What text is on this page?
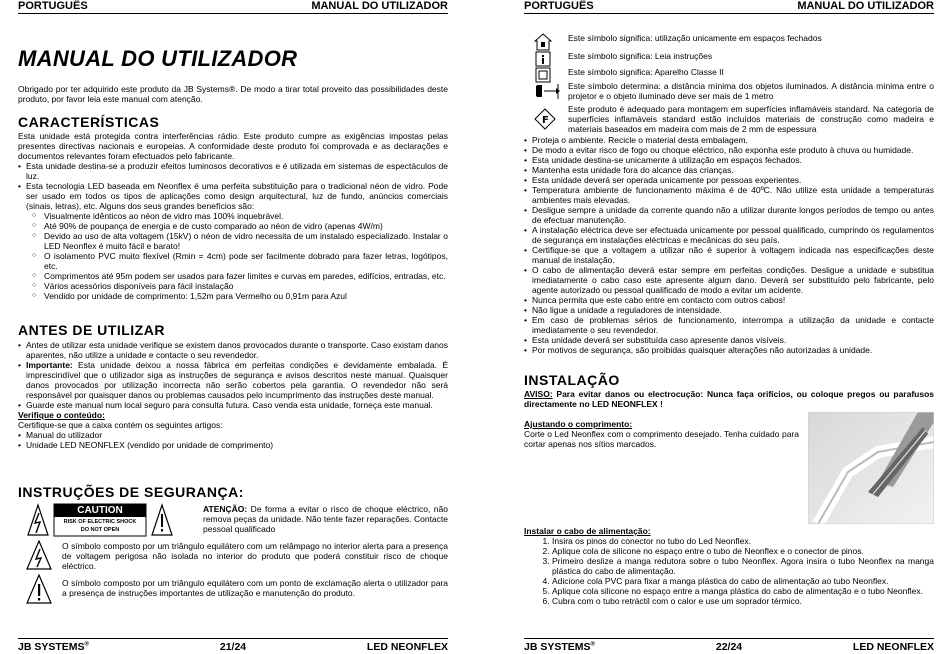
PORTUGUÊS	MANUAL DO UTILIZADOR
MANUAL DO UTILIZADOR
Obrigado por ter adquirido este produto da JB Systems®. De modo a tirar total proveito das possibilidades deste produto, por favor leia este manual com atenção.
CARACTERÍSTICAS
Esta unidade está protegida contra interferências rádio. Este produto cumpre as exigências impostas pelas presentes directivas nacionais e europeias. A conformidade deste produto foi comprovada e as declarações e documentos relevantes foram efectuados pelo fabricante.
• Esta unidade destina-se a produzir efeitos luminosos decorativos e é utilizada em sistemas de espectáculos de luz.
• Esta tecnologia LED baseada em Neonflex é uma perfeita substituição para o tradicional néon de vidro. Pode ser usado em todos os tipos de aplicações como design arquitectural, luz de fundo, anúncios comerciais (sinais, letras), etc. Alguns dos seus grandes benefícios são:
○ Visualmente idênticos ao néon de vidro mas 100% inquebrável.
○ Até 90% de poupança de energia e de custo comparado ao néon de vidro (apenas 4W/m)
○ Devido ao uso de alta voltagem (15kV) o néon de vidro necessita de um instalado especializado. Instalar o LED Neonflex é muito fácil e barato!
○ O isolamento PVC muito flexível (Rmin = 4cm) pode ser facilmente dobrado para fazer letras, logótipos, etc.
○ Comprimentos até 95m podem ser usados para fazer limites e curvas em paredes, edifícios, entradas, etc.
○ Vários acessórios disponíveis para fácil instalação
○ Vendido por unidade de comprimento: 1,52m para Vermelho ou 0,91m para Azul
ANTES DE UTILIZAR
• Antes de utilizar esta unidade verifique se existem danos provocados durante o transporte. Caso existam danos aparentes, não utilize a unidade e contacte o seu revendedor.
• Importante: Esta unidade deixou a nossa fábrica em perfeitas condições e devidamente embalada. É imprescindível que o utilizador siga as instruções de segurança e avisos descritos neste manual. Quaisquer danos provocados por utilização incorrecta não serão cobertos pela garantia. O revendedor não será responsável por quaisquer danos ou problemas causados pelo incumprimento das instruções deste manual.
• Guarde este manual num local seguro para consulta futura. Caso venda esta unidade, forneça este manual.
Verifique o conteúdo:
Certifique-se que a caixa contém os seguintes artigos:
• Manual do utilizador
• Unidade LED NEONFLEX (vendido por unidade de comprimento)
INSTRUÇÕES DE SEGURANÇA:
CAUTION
RISK OF ELECTRIC SHOCK
DO NOT OPEN
ATENÇÃO: De forma a evitar o risco de choque eléctrico, não remova peças da unidade. Não tente fazer reparações. Contacte pessoal qualificado
O símbolo composto por um triângulo equilátero com um relâmpago no interior alerta para a presença de voltagem perigosa não isolada no interior do produto que poderá constituir risco de choque eléctrico.
O símbolo composto por um triângulo equilátero com um ponto de exclamação alerta o utilizador para a presença de instruções importantes de utilização e manutenção do produto.
JB SYSTEMS®	21/24	LED NEONFLEX
PORTUGUÊS	MANUAL DO UTILIZADOR
Este símbolo significa: utilização unicamente em espaços fechados
Este símbolo significa: Leia instruções
Este símbolo significa: Aparelho Classe II
Este símbolo determina: a distância mínima dos objetos iluminados. A distância mínima entre o projetor e o objeto iluminado deve ser mais de 1 metro
F
Este produto é adequado para montagem em superfícies inflamáveis standard. Na categoria de superfícies inflamáveis standard estão incluídos materiais de construção como madeira e materiais baseados em madeira com mais de 2 mm de espessura
• Proteja o ambiente. Recicle o material desta embalagem.
• De modo a evitar risco de fogo ou choque eléctrico, não exponha este produto à chuva ou humidade.
• Esta unidade destina-se unicamente à utilização em espaços fechados.
• Mantenha esta unidade fora do alcance das crianças.
• Esta unidade deverá ser operada unicamente por pessoas experientes.
• Temperatura ambiente de funcionamento máxima é de 40ºC. Não utilize esta unidade a temperaturas ambientes mais elevadas.
• Desligue sempre a unidade da corrente quando não a utilizar durante longos períodos de tempo ou antes de efectuar manutenção.
• A instalação eléctrica deve ser efectuada unicamente por pessoal qualificado, cumprindo os regulamentos de segurança em instalações eléctricas e mecânicas do seu país.
• Certifique-se que a voltagem a utilizar não é superior à voltagem indicada nas especificações deste manual de instalação.
• O cabo de alimentação deverá estar sempre em perfeitas condições. Desligue a unidade e substitua imediatamente o cabo caso este apresente algum dano. Deverá ser substituído pelo fabricante, pelo agente autorizado ou pessoal qualificado de modo a evitar um acidente.
• Nunca permita que este cabo entre em contacto com outros cabos!
• Não ligue a unidade a reguladores de intensidade.
• Em caso de problemas sérios de funcionamento, interrompa a utilização da unidade e contacte imediatamente o seu revendedor.
• Esta unidade deverá ser substituída caso apresente danos visíveis.
• Por motivos de segurança, são proibidas quaisquer alterações não autorizadas à unidade.
INSTALAÇÃO
AVISO: Para evitar danos ou electrocução: Nunca faça orifícios, ou coloque pregos ou parafusos directamente no LED NEONFLEX !
Ajustando o comprimento:
Corte o Led Neonflex com o comprimento desejado. Tenha cuidado para cortar apenas nos sítios marcados.
Instalar o cabo de alimentação:
1. Insira os pinos do conector no tubo do Led Neonflex.
2. Aplique cola de silicone no espaço entre o tubo de Neonflex e o conector de pinos.
3. Primeiro deslize a manga redutora sobre o tubo Neonflex. Agora insira o tubo Neonflex na manga plástica do cabo de alimentação.
4. Adicione cola PVC para fixar a manga plástica do cabo de alimentação ao tubo Neonflex.
5. Aplique cola silicone no espaço entre a manga plástica do cabo de alimentação e o tubo Neonflex.
6. Cubra com o tubo retráctil com o calor e use um soprador térmico.
JB SYSTEMS®	22/24	LED NEONFLEX
